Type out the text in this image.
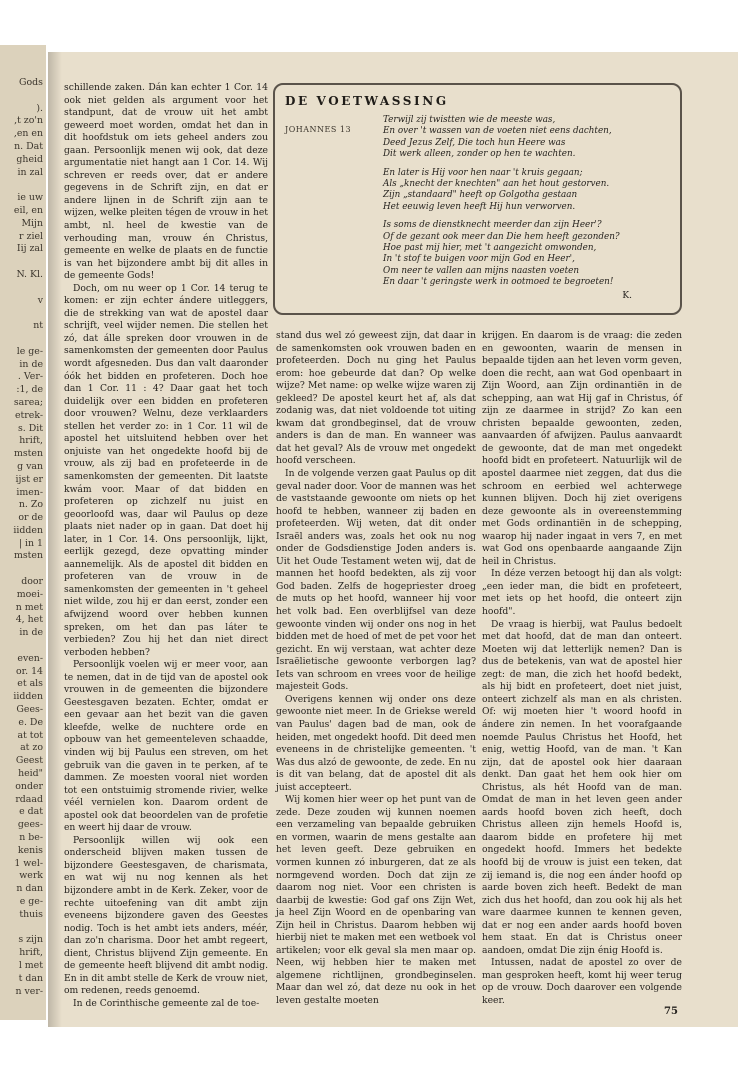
Gods

).
,t zo'n
,en en
n. Dat
gheid
in zal

ie uw
eil, en
Mijn
r ziel
Iij zal

N. Kl.

v

nt

le ge-
in de
. Ver-
:1, de
sarea;
etrek-
s. Dit
hrift,
msten
g van
ijst er
imen-
n. Zo
or de
iidden
| in 1
msten

door
moei-
n met
4, het
in de

even-
or. 14
et als
iidden
Gees-
e. De
at tot
at zo
Geest
heid"
onder
rdaad
e dat
gees-
n be-
kenis
1 wel-
werk
n dan
e ge-
thuis

s zijn
hrift,
l met
t dan
n ver-

schillende zaken. Dán kan echter 1 Cor. 14 ook niet gelden als argument voor het standpunt, dat de vrouw uit het ambt geweerd moet worden, omdat het dan in dit hoofdstuk om iets geheel anders zou gaan. Persoonlijk menen wij ook, dat deze argumentatie niet hangt aan 1 Cor. 14. Wij schreven er reeds over, dat er andere gegevens in de Schrift zijn, en dat er andere lijnen in de Schrift zijn aan te wijzen, welke pleiten tégen de vrouw in het ambt, nl. heel de kwestie van de verhouding man, vrouw én Christus, gemeente en welke de plaats en de functie is van het bijzondere ambt bij dit alles in de gemeente Gods!

Doch, om nu weer op 1 Cor. 14 terug te komen: er zijn echter ándere uitleggers, die de strekking van wat de apostel daar schrijft, veel wijder nemen. Die stellen het zó, dat álle spreken door vrouwen in de samenkomsten der gemeenten door Paulus wordt afgesneden. Dus dan valt daaronder óók het bidden en profeteren. Doch hoe dan 1 Cor. 11 : 4? Daar gaat het toch duidelijk over een bidden en profeteren door vrouwen? Welnu, deze verklaarders stellen het verder zo: in 1 Cor. 11 wil de apostel het uitsluitend hebben over het onjuiste van het ongedekte hoofd bij de vrouw, als zij bad en profeteerde in de samenkomsten der gemeenten. Dit laatste kwám voor. Maar of dat bidden en profeteren op zichzelf nu juist en geoorloofd was, daar wil Paulus op deze plaats niet nader op in gaan. Dat doet hij later, in 1 Cor. 14. Ons persoonlijk, lijkt, eerlijk gezegd, deze opvatting minder aannemelijk. Als de apostel dit bidden en profeteren van de vrouw in de samenkomsten der gemeenten in 't geheel niet wilde, zou hij er dan eerst, zonder een afwijzend woord over hebben kunnen spreken, om het dan pas láter te verbieden? Zou hij het dan niet direct verboden hebben?

Persoonlijk voelen wij er meer voor, aan te nemen, dat in de tijd van de apostel ook vrouwen in de gemeenten die bijzondere Geestesgaven bezaten. Echter, omdat er een gevaar aan het bezit van die gaven kleefde, welke de nuchtere orde en opbouw van het gemeenteleven schaadde, vinden wij bij Paulus een streven, om het gebruik van die gaven in te perken, af te dammen. Ze moesten vooral niet worden tot een ontstuimig stromende rivier, welke véél vernielen kon. Daarom ordent de apostel ook dat beoordelen van de profetie en weert hij daar de vrouw.

Persoonlijk willen wij ook een onderscheid blijven maken tussen de bijzondere Geestesgaven, de charismata, en wat wij nu nog kennen als het bijzondere ambt in de Kerk. Zeker, voor de rechte uitoefening van dit ambt zijn eveneens bijzondere gaven des Geestes nodig. Toch is het ambt iets anders, méér, dan zo'n charisma. Door het ambt regeert, dient, Christus blijvend Zijn gemeente. En de gemeente heeft blijvend dit ambt nodig. En in dit ambt stelle de Kerk de vrouw niet, om redenen, reeds genoemd.

In de Corinthische gemeente zal de toe-

DE VOETWASSING
JOHANNES 13
Terwijl zij twistten wie de meeste was,
En over 't wassen van de voeten niet eens dachten,
Deed Jezus Zelf, Die toch hun Heere was
Dit werk alleen, zonder op hen te wachten.
En later is Hij voor hen naar 't kruis gegaan;
Als „knecht der knechten" aan het hout gestorven.
Zijn „standaard" heeft op Golgotha gestaan
Het eeuwig leven heeft Hij hun verworven.
Is soms de dienstknecht meerder dan zijn Heer'?
Of de gezant ook meer dan Die hem heeft gezonden?
Hoe past mij hier, met 't aangezicht omwonden,
In 't stof te buigen voor mijn God en Heer',
Om neer te vallen aan mijns naasten voeten
En daar 't geringste werk in ootmoed te begroeten!
K.

stand dus wel zó geweest zijn, dat daar in de samenkomsten ook vrouwen baden en profeteerden. Doch nu ging het Paulus erom: hoe gebeurde dat dan? Op welke wijze? Met name: op welke wijze waren zij gekleed? De apostel keurt het af, als dat zodanig was, dat niet voldoende tot uiting kwam dat grondbeginsel, dat de vrouw anders is dan de man. En wanneer was dat het geval? Als de vrouw met ongedekt hoofd verscheen.

In de volgende verzen gaat Paulus op dit geval nader door. Voor de mannen was het de vaststaande gewoonte om niets op het hoofd te hebben, wanneer zij baden en profeteerden. Wij weten, dat dit onder Israël anders was, zoals het ook nu nog onder de Godsdienstige Joden anders is. Uit het Oude Testament weten wij, dat de mannen het hoofd bedekten, als zij voor God baden. Zelfs de hogepriester droeg de muts op het hoofd, wanneer hij voor het volk bad. Een overblijfsel van deze gewoonte vinden wij onder ons nog in het bidden met de hoed of met de pet voor het gezicht. En wij verstaan, wat achter deze Israëlietische gewoonte verborgen lag? Iets van schroom en vrees voor de heilige majesteit Gods.

Overigens kennen wij onder ons deze gewoonte niet meer. In de Griekse wereld van Paulus' dagen bad de man, ook de heiden, met ongedekt hoofd. Dit deed men eveneens in de christelijke gemeenten. 't Was dus alzó de gewoonte, de zede. En nu is dit van belang, dat de apostel dit als juist accepteert.

Wij komen hier weer op het punt van de zede. Deze zouden wij kunnen noemen een verzameling van bepaalde gebruiken en vormen, waarin de mens gestalte aan het leven geeft. Deze gebruiken en vormen kunnen zó inburgeren, dat ze als normgevend worden. Doch dat zijn ze daarom nog niet. Voor een christen is daarbij de kwestie: God gaf ons Zijn Wet, ja heel Zijn Woord en de openbaring van Zijn heil in Christus. Daarom hebben wij hierbij niet te maken met een wetboek vol artikelen; voor elk geval sla men maar op. Neen, wij hebben hier te maken met algemene richtlijnen, grondbeginselen. Maar dan wel zó, dat deze nu ook in het leven gestalte moeten

krijgen. En daarom is de vraag: die zeden en gewoonten, waarin de mensen in bepaalde tijden aan het leven vorm geven, doen die recht, aan wat God openbaart in Zijn Woord, aan Zijn ordinantiën in de schepping, aan wat Hij gaf in Christus, óf zijn ze daarmee in strijd? Zo kan een christen bepaalde gewoonten, zeden, aanvaarden óf afwijzen. Paulus aanvaardt de gewoonte, dat de man met ongedekt hoofd bidt en profeteert. Natuurlijk wil de apostel daarmee niet zeggen, dat dus die schroom en eerbied wel achterwege kunnen blijven. Doch hij ziet overigens deze gewoonte als in overeenstemming met Gods ordinantiën in de schepping, waarop hij nader ingaat in vers 7, en met wat God ons openbaarde aangaande Zijn heil in Christus.

In déze verzen betoogt hij dan als volgt: „een ieder man, die bidt en profeteert, met iets op het hoofd, die onteert zijn hoofd".

De vraag is hierbij, wat Paulus bedoelt met dat hoofd, dat de man dan onteert. Moeten wij dat letterlijk nemen? Dan is dus de betekenis, van wat de apostel hier zegt: de man, die zich het hoofd bedekt, als hij bidt en profeteert, doet niet juist, onteert zichzelf als man en als christen. Of: wij moeten hier 't woord hoofd in ándere zin nemen. In het voorafgaande noemde Paulus Christus het Hoofd, het enig, wettig Hoofd, van de man. 't Kan zijn, dat de apostel ook hier daaraan denkt. Dan gaat het hem ook hier om Christus, als hét Hoofd van de man. Omdat de man in het leven geen ander aards hoofd boven zich heeft, doch Christus alleen zijn hemels Hoofd is, daarom bidde en profetere hij met ongedekt hoofd. Immers het bedekte hoofd bij de vrouw is juist een teken, dat zij iemand is, die nog een ánder hoofd op aarde boven zich heeft. Bedekt de man zich dus het hoofd, dan zou ook hij als het ware daarmee kunnen te kennen geven, dat er nog een ander aards hoofd boven hem staat. En dat is Christus oneer aandoen, omdat Die zijn énig Hoofd is.

Intussen, nadat de apostel zo over de man gesproken heeft, komt hij weer terug op de vrouw. Doch daarover een volgende keer.

75
